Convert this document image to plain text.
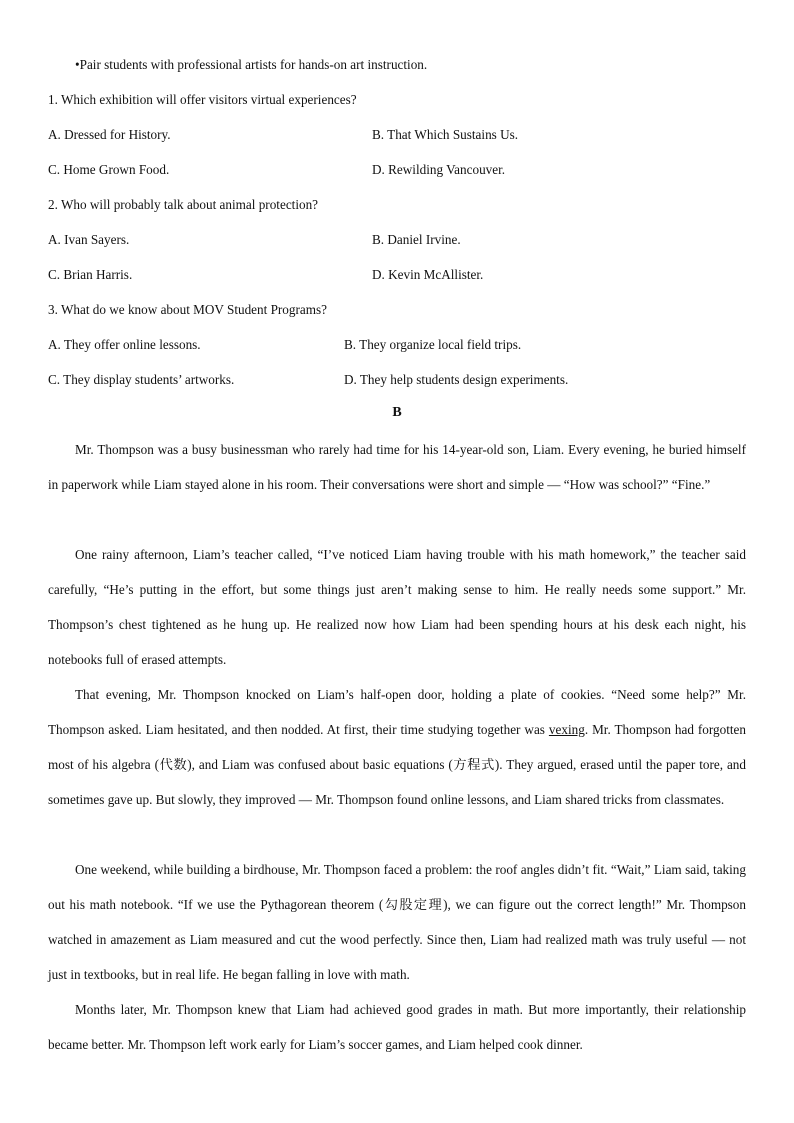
•Pair students with professional artists for hands-on art instruction.
1. Which exhibition will offer visitors virtual experiences?
A. Dressed for History.	B. That Which Sustains Us.
C. Home Grown Food.	D. Rewilding Vancouver.
2. Who will probably talk about animal protection?
A. Ivan Sayers.	B. Daniel Irvine.
C. Brian Harris.	D. Kevin McAllister.
3. What do we know about MOV Student Programs?
A. They offer online lessons.	B. They organize local field trips.
C. They display students’ artworks.	D. They help students design experiments.
B
Mr. Thompson was a busy businessman who rarely had time for his 14-year-old son, Liam. Every evening, he buried himself in paperwork while Liam stayed alone in his room. Their conversations were short and simple — “How was school?” “Fine.”
One rainy afternoon, Liam’s teacher called, “I’ve noticed Liam having trouble with his math homework,” the teacher said carefully, “He’s putting in the effort, but some things just aren’t making sense to him. He really needs some support.” Mr. Thompson’s chest tightened as he hung up. He realized now how Liam had been spending hours at his desk each night, his notebooks full of erased attempts.
That evening, Mr. Thompson knocked on Liam’s half-open door, holding a plate of cookies. “Need some help?” Mr. Thompson asked. Liam hesitated, and then nodded. At first, their time studying together was vexing. Mr. Thompson had forgotten most of his algebra (代数), and Liam was confused about basic equations (方程式). They argued, erased until the paper tore, and sometimes gave up. But slowly, they improved — Mr. Thompson found online lessons, and Liam shared tricks from classmates.
One weekend, while building a birdhouse, Mr. Thompson faced a problem: the roof angles didn’t fit. “Wait,” Liam said, taking out his math notebook. “If we use the Pythagorean theorem (勾股定理), we can figure out the correct length!” Mr. Thompson watched in amazement as Liam measured and cut the wood perfectly. Since then, Liam had realized math was truly useful — not just in textbooks, but in real life. He began falling in love with math.
Months later, Mr. Thompson knew that Liam had achieved good grades in math. But more importantly, their relationship became better. Mr. Thompson left work early for Liam’s soccer games, and Liam helped cook dinner.
